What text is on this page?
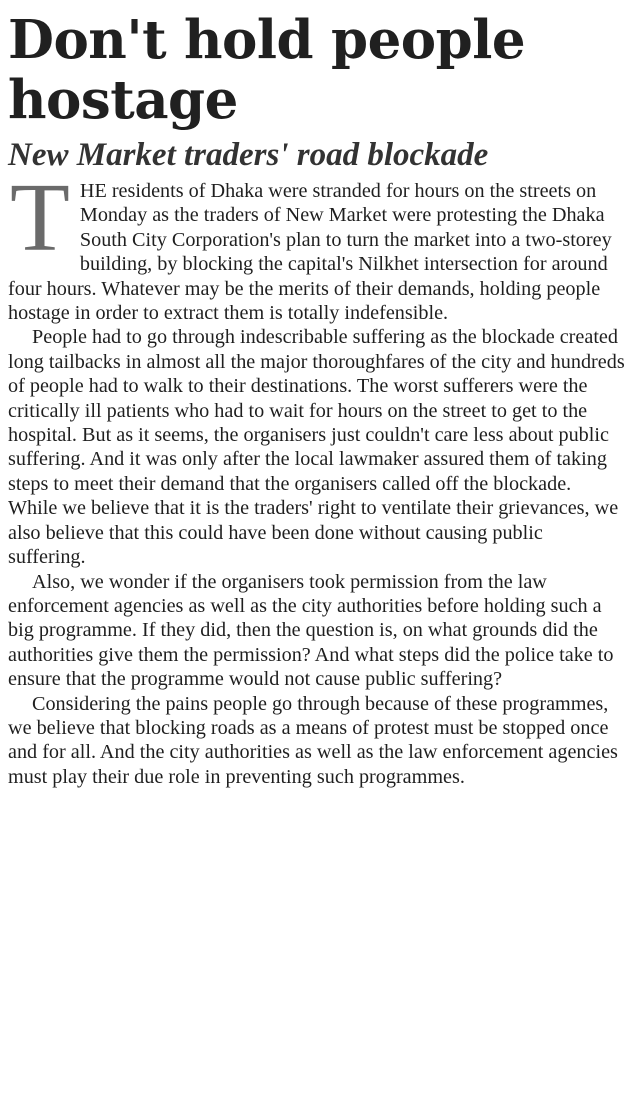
Don't hold people hostage
New Market traders' road blockade

THE residents of Dhaka were stranded for hours on the streets on Monday as the traders of New Market were protesting the Dhaka South City Corporation's plan to turn the market into a two-storey building, by blocking the capital's Nilkhet intersection for around four hours. Whatever may be the merits of their demands, holding people hostage in order to extract them is totally indefensible.

People had to go through indescribable suffering as the blockade created long tailbacks in almost all the major thoroughfares of the city and hundreds of people had to walk to their destinations. The worst sufferers were the critically ill patients who had to wait for hours on the street to get to the hospital. But as it seems, the organisers just couldn't care less about public suffering. And it was only after the local lawmaker assured them of taking steps to meet their demand that the organisers called off the blockade. While we believe that it is the traders' right to ventilate their grievances, we also believe that this could have been done without causing public suffering.

Also, we wonder if the organisers took permission from the law enforcement agencies as well as the city authorities before holding such a big programme. If they did, then the question is, on what grounds did the authorities give them the permission? And what steps did the police take to ensure that the programme would not cause public suffering?

Considering the pains people go through because of these programmes, we believe that blocking roads as a means of protest must be stopped once and for all. And the city authorities as well as the law enforcement agencies must play their due role in preventing such programmes.
